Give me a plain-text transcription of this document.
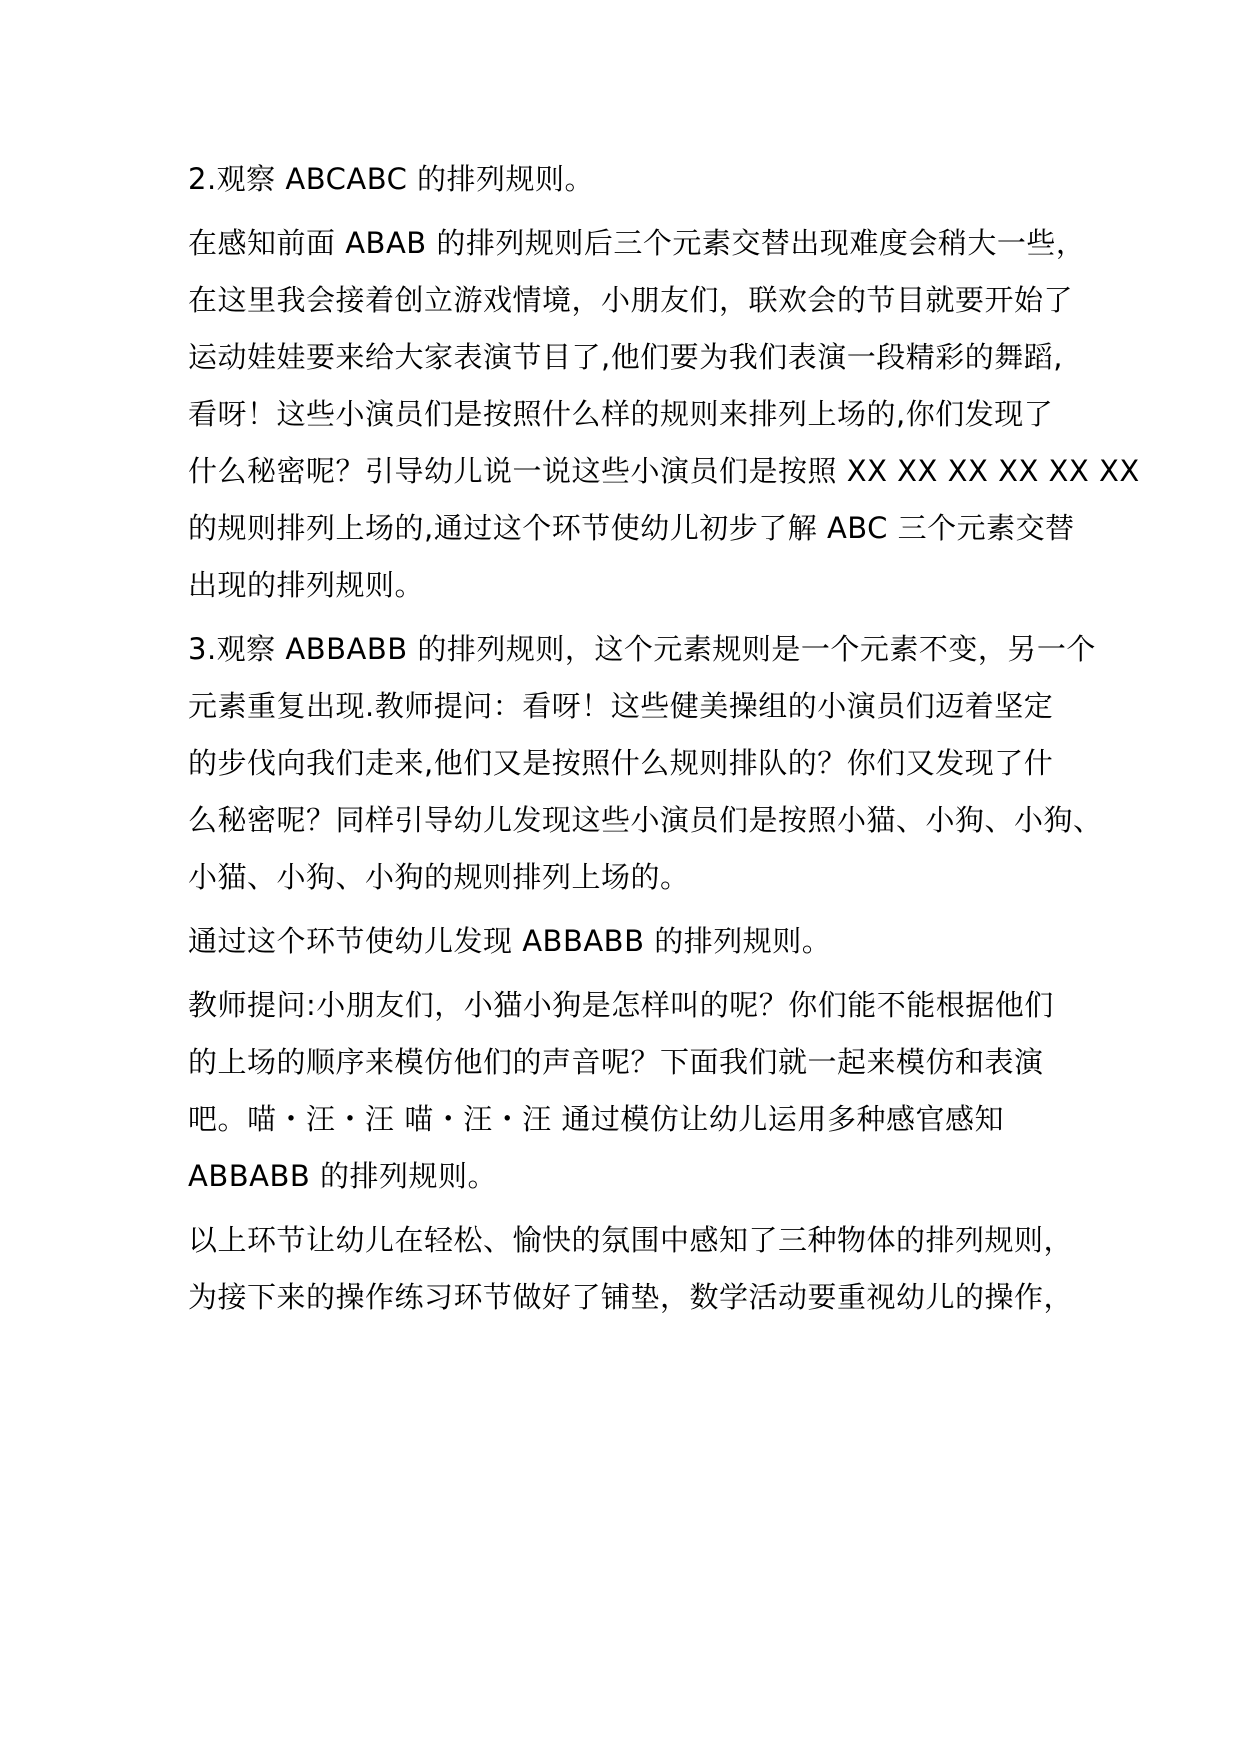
2.观察 ABCABC 的排列规则。
在感知前面 ABAB 的排列规则后三个元素交替出现难度会稍大一些，
在这里我会接着创立游戏情境，小朋友们，联欢会的节目就要开始了
运动娃娃要来给大家表演节目了,他们要为我们表演一段精彩的舞蹈,
看呀！这些小演员们是按照什么样的规则来排列上场的,你们发现了
什么秘密呢？引导幼儿说一说这些小演员们是按照 XX XX XX XX XX XX
的规则排列上场的,通过这个环节使幼儿初步了解 ABC 三个元素交替
出现的排列规则。
3.观察 ABBABB 的排列规则，这个元素规则是一个元素不变，另一个
元素重复出现.教师提问：看呀！这些健美操组的小演员们迈着坚定
的步伐向我们走来,他们又是按照什么规则排队的？你们又发现了什
么秘密呢？同样引导幼儿发现这些小演员们是按照小猫、小狗、小狗、
小猫、小狗、小狗的规则排列上场的。
通过这个环节使幼儿发现 ABBABB 的排列规则。
教师提问:小朋友们，小猫小狗是怎样叫的呢？你们能不能根据他们
的上场的顺序来模仿他们的声音呢？下面我们就一起来模仿和表演
吧。喵・汪・汪 喵・汪・汪 通过模仿让幼儿运用多种感官感知
ABBABB 的排列规则。
以上环节让幼儿在轻松、愉快的氛围中感知了三种物体的排列规则，
为接下来的操作练习环节做好了铺垫，数学活动要重视幼儿的操作，
